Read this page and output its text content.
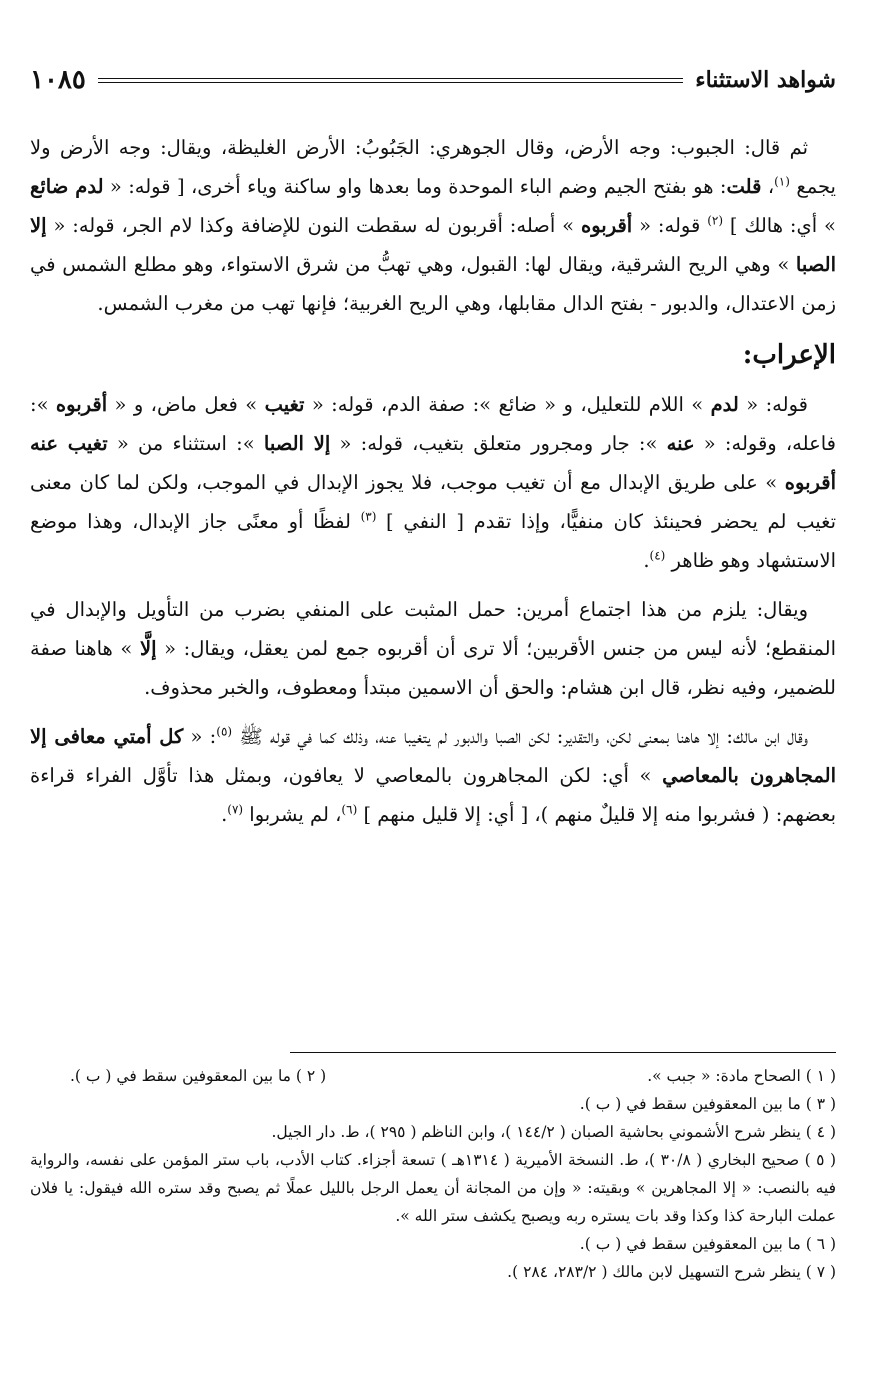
شواهد الاستثناء
١٠٨٥

ثم قال: الجبوب: وجه الأرض، وقال الجوهري: الجَبُوبُ: الأرض الغليظة، ويقال: وجه الأرض ولا يجمع $^{(١)}$، قلت: هو بفتح الجيم وضم الباء الموحدة وما بعدها واو ساكنة وياء أخرى، [ قوله: « لدم ضائع » أي: هالك ] $^{(٢)}$ قوله: « أقربوه » أصله: أقربون له سقطت النون للإضافة وكذا لام الجر، قوله: « إلا الصبا » وهي الريح الشرقية، ويقال لها: القبول، وهي تهبُّ من شرق الاستواء، وهو مطلع الشمس في زمن الاعتدال، والدبور - بفتح الدال مقابلها، وهي الريح الغربية؛ فإنها تهب من مغرب الشمس.

الإعراب:

قوله: « لدم » اللام للتعليل، و « ضائع »: صفة الدم، قوله: « تغيب » فعل ماض، و « أقربوه »: فاعله، وقوله: « عنه »: جار ومجرور متعلق بتغيب، قوله: « إلا الصبا »: استثناء من « تغيب عنه أقربوه » على طريق الإبدال مع أن تغيب موجب، فلا يجوز الإبدال في الموجب، ولكن لما كان معنى تغيب لم يحضر فحينئذ كان منفيًّا، وإذا تقدم [ النفي ] $^{(٣)}$ لفظًا أو معنًى جاز الإبدال، وهذا موضع الاستشهاد وهو ظاهر $^{(٤)}$.

ويقال: يلزم من هذا اجتماع أمرين: حمل المثبت على المنفي بضرب من التأويل والإبدال في المنقطع؛ لأنه ليس من جنس الأقربين؛ ألا ترى أن أقربوه جمع لمن يعقل، ويقال: « إلَّا » هاهنا صفة للضمير، وفيه نظر، قال ابن هشام: والحق أن الاسمين مبتدأ ومعطوف، والخبر محذوف.

وقال ابن مالك: إلا هاهنا بمعنى لكن، والتقدير: لكن الصبا والدبور لم يتغيبا عنه، وذلك كما في قوله ﷺ $^{(٥)}$: « كل أمتي معافى إلا المجاهرون بالمعاصي » أي: لكن المجاهرون بالمعاصي لا يعافون، وبمثل هذا تأوَّل الفراء قراءة بعضهم: ( فشربوا منه إلا قليلٌ منهم )، [ أي: إلا قليل منهم ] $^{(٦)}$، لم يشربوا $^{(٧)}$.

( ١ ) الصحاح مادة: « جبب ».
( ٢ ) ما بين المعقوفين سقط في ( ب ).

( ٣ ) ما بين المعقوفين سقط في ( ب ).

( ٤ ) ينظر شرح الأشموني بحاشية الصبان ( ١٤٤/٢ )، وابن الناظم ( ٢٩٥ )، ط. دار الجيل.

( ٥ ) صحيح البخاري ( ٣٠/٨ )، ط. النسخة الأميرية ( ١٣١٤هـ ) تسعة أجزاء. كتاب الأدب، باب ستر المؤمن على نفسه، والرواية فيه بالنصب: « إلا المجاهرين » وبقيته: « وإن من المجانة أن يعمل الرجل بالليل عملًا ثم يصبح وقد ستره الله فيقول: يا فلان عملت البارحة كذا وكذا وقد بات يستره ربه ويصبح يكشف ستر الله ».

( ٦ ) ما بين المعقوفين سقط في ( ب ).

( ٧ ) ينظر شرح التسهيل لابن مالك ( ٢٨٣/٢، ٢٨٤ ).
